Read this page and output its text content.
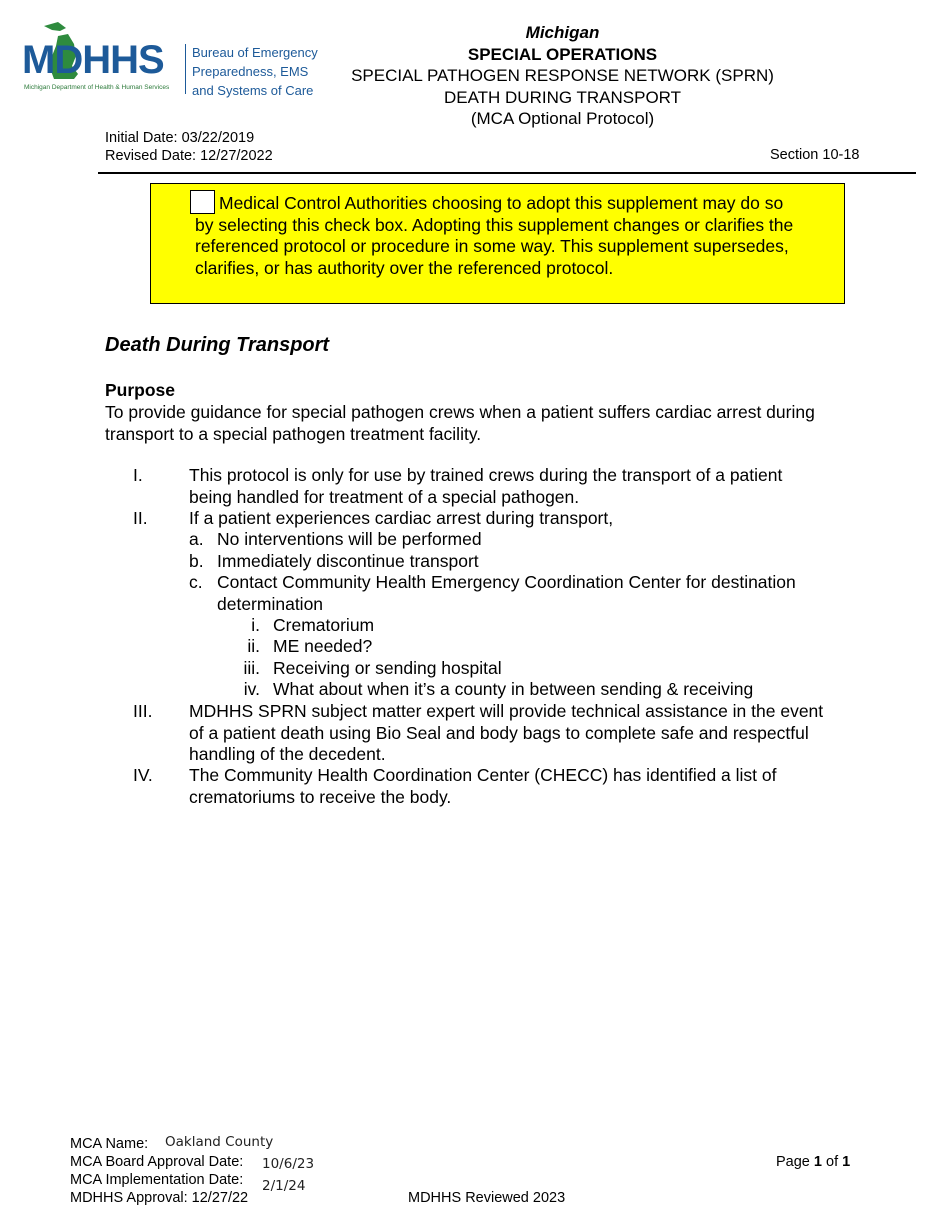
MDHHS
Michigan Department of Health & Human Services
Bureau of Emergency
Preparedness, EMS
and Systems of Care
Michigan
SPECIAL OPERATIONS
SPECIAL PATHOGEN RESPONSE NETWORK (SPRN)
DEATH DURING TRANSPORT
(MCA Optional Protocol)
Initial Date: 03/22/2019
Revised Date: 12/27/2022	Section 10-18
Medical Control Authorities choosing to adopt this supplement may do so
by selecting this check box. Adopting this supplement changes or clarifies the
referenced protocol or procedure in some way. This supplement supersedes,
clarifies, or has authority over the referenced protocol.
Death During Transport
Purpose
To provide guidance for special pathogen crews when a patient suffers cardiac arrest during
transport to a special pathogen treatment facility.
I.	This protocol is only for use by trained crews during the transport of a patient
being handled for treatment of a special pathogen.
II. If a patient experiences cardiac arrest during transport,
a. No interventions will be performed
b. Immediately discontinue transport
c. Contact Community Health Emergency Coordination Center for destination
determination
i. Crematorium
ii. ME needed?
iii. Receiving or sending hospital
iv. What about when it’s a county in between sending & receiving
III. MDHHS SPRN subject matter expert will provide technical assistance in the event
of a patient death using Bio Seal and body bags to complete safe and respectful
handling of the decedent.
IV. The Community Health Coordination Center (CHECC) has identified a list of
crematoriums to receive the body.
MCA Name: Oakland County
MCA Board Approval Date: 10/6/23
MCA Implementation Date: 2/1/24
MDHHS Approval: 12/27/22	MDHHS Reviewed 2023
Page 1 of 1
